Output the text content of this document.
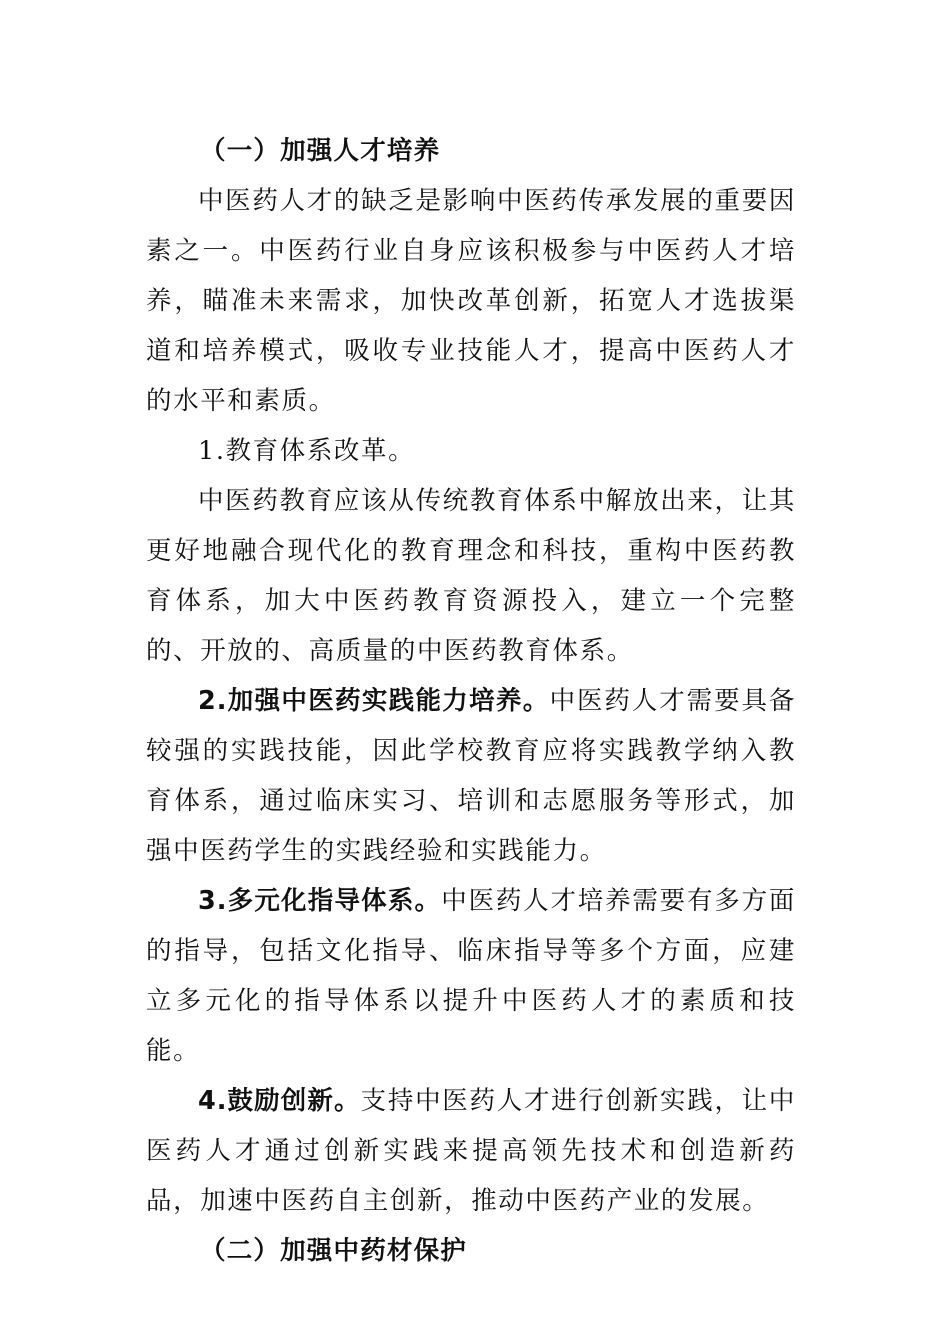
（一）加强人才培养

中医药人才的缺乏是影响中医药传承发展的重要因素之一。中医药行业自身应该积极参与中医药人才培养，瞄准未来需求，加快改革创新，拓宽人才选拔渠道和培养模式，吸收专业技能人才，提高中医药人才的水平和素质。

1.教育体系改革。

中医药教育应该从传统教育体系中解放出来，让其更好地融合现代化的教育理念和科技，重构中医药教育体系，加大中医药教育资源投入，建立一个完整的、开放的、高质量的中医药教育体系。

2.加强中医药实践能力培养。中医药人才需要具备较强的实践技能，因此学校教育应将实践教学纳入教育体系，通过临床实习、培训和志愿服务等形式，加强中医药学生的实践经验和实践能力。

3.多元化指导体系。中医药人才培养需要有多方面的指导，包括文化指导、临床指导等多个方面，应建立多元化的指导体系以提升中医药人才的素质和技能。

4.鼓励创新。支持中医药人才进行创新实践，让中医药人才通过创新实践来提高领先技术和创造新药品，加速中医药自主创新，推动中医药产业的发展。

（二）加强中药材保护
